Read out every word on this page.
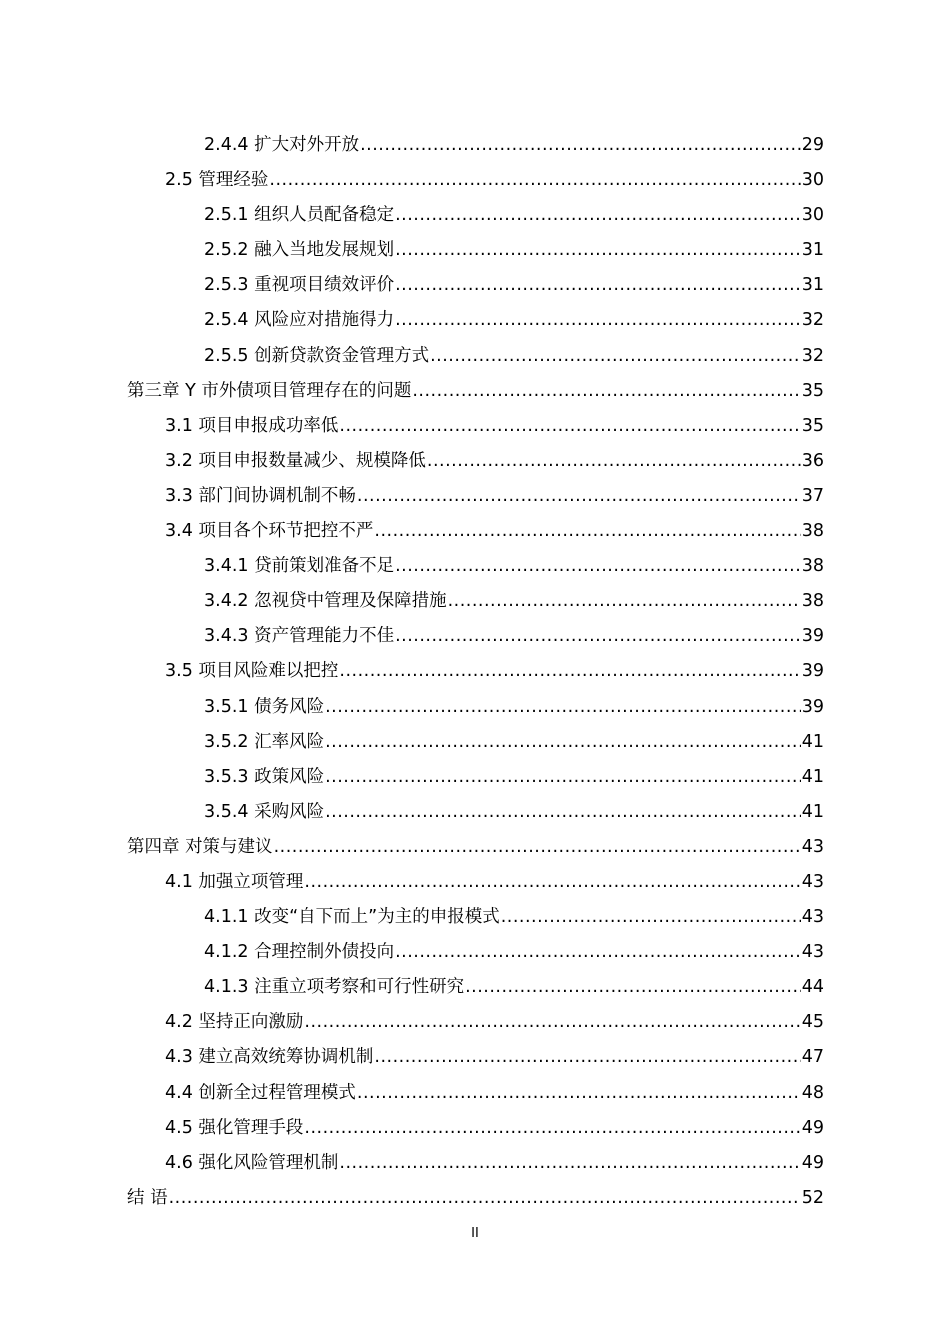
2.4.4 扩大对外开放 .....	29
2.5 管理经验 .....	30
2.5.1 组织人员配备稳定 .....	30
2.5.2 融入当地发展规划 .....	31
2.5.3 重视项目绩效评价 .....	31
2.5.4 风险应对措施得力 .....	32
2.5.5 创新贷款资金管理方式 .....	32
第三章 Y 市外债项目管理存在的问题 .....	35
3.1 项目申报成功率低 .....	35
3.2 项目申报数量减少、规模降低 .....	36
3.3 部门间协调机制不畅 .....	37
3.4 项目各个环节把控不严 .....	38
3.4.1 贷前策划准备不足 .....	38
3.4.2 忽视贷中管理及保障措施 .....	38
3.4.3 资产管理能力不佳 .....	39
3.5 项目风险难以把控 .....	39
3.5.1 债务风险 .....	39
3.5.2 汇率风险 .....	41
3.5.3 政策风险 .....	41
3.5.4 采购风险 .....	41
第四章 对策与建议 .....	43
4.1 加强立项管理 .....	43
4.1.1 改变“自下而上”为主的申报模式 .....	43
4.1.2 合理控制外债投向 .....	43
4.1.3 注重立项考察和可行性研究 .....	44
4.2 坚持正向激励 .....	45
4.3 建立高效统筹协调机制 .....	47
4.4 创新全过程管理模式 .....	48
4.5 强化管理手段 .....	49
4.6 强化风险管理机制 .....	49
结 语 .....	52
II
